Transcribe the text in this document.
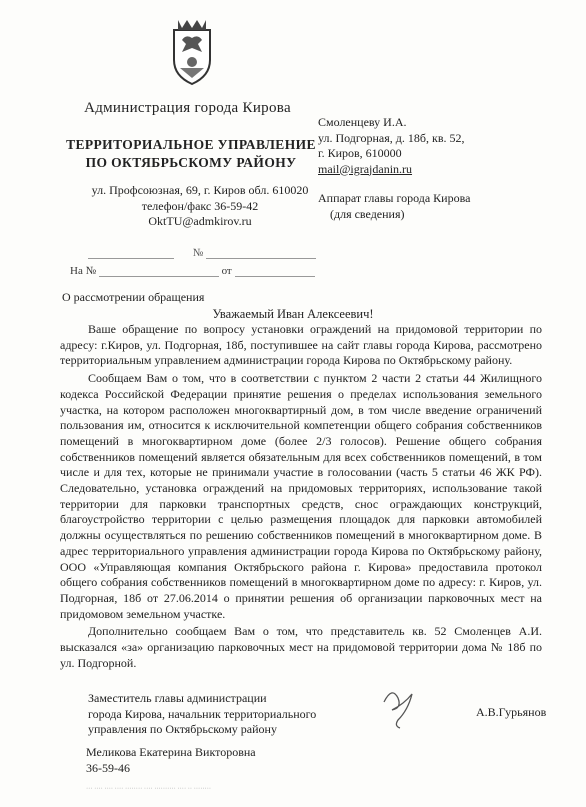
Администрация города Кирова
ТЕРРИТОРИАЛЬНОЕ УПРАВЛЕНИЕ
ПО ОКТЯБРЬСКОМУ РАЙОНУ
ул. Профсоюзная, 69, г. Киров обл. 610020
телефон/факс 36-59-42
OktTU@admkirov.ru
Смоленцеву И.А.
ул. Подгорная, д. 18б, кв. 52,
г. Киров, 610000
mail@igrajdanin.ru
Аппарат главы города Кирова
(для сведения)
№
На №	от
О рассмотрении обращения
Уважаемый Иван Алексеевич!

Ваше обращение по вопросу установки ограждений на придомовой территории по адресу: г.Киров, ул. Подгорная, 18б, поступившее на сайт главы города Кирова, рассмотрено территориальным управлением администрации города Кирова по Октябрьскому району.

Сообщаем Вам о том, что в соответствии с пунктом 2 части 2 статьи 44 Жилищного кодекса Российской Федерации принятие решения о пределах использования земельного участка, на котором расположен многоквартирный дом, в том числе введение ограничений пользования им, относится к исключительной компетенции общего собрания собственников помещений в многоквартирном доме (более 2/3 голосов). Решение общего собрания собственников помещений является обязательным для всех собственников помещений, в том числе и для тех, которые не принимали участие в голосовании (часть 5 статьи 46 ЖК РФ). Следовательно, установка ограждений на придомовых территориях, использование такой территории для парковки транспортных средств, снос ограждающих конструкций, благоустройство территории с целью размещения площадок для парковки автомобилей должны осуществляться по решению собственников помещений в многоквартирном доме. В адрес территориального управления администрации города Кирова по Октябрьскому району, ООО «Управляющая компания Октябрьского района г. Кирова» предоставила протокол общего собрания собственников помещений в многоквартирном доме по адресу: г. Киров, ул. Подгорная, 18б от 27.06.2014 о принятии решения об организации парковочных мест на придомовом земельном участке.

Дополнительно сообщаем Вам о том, что представитель кв. 52 Смоленцев А.И. высказался «за» организацию парковочных мест на придомовой территории дома № 18б по ул. Подгорной.

Заместитель главы администрации
города Кирова, начальник территориального
управления по Октябрьскому району
А.В.Гурьянов
Меликова Екатерина Викторовна
36-59-46
··· ···· ···· ···· ········ ···· ·········· ···· ·· ········
